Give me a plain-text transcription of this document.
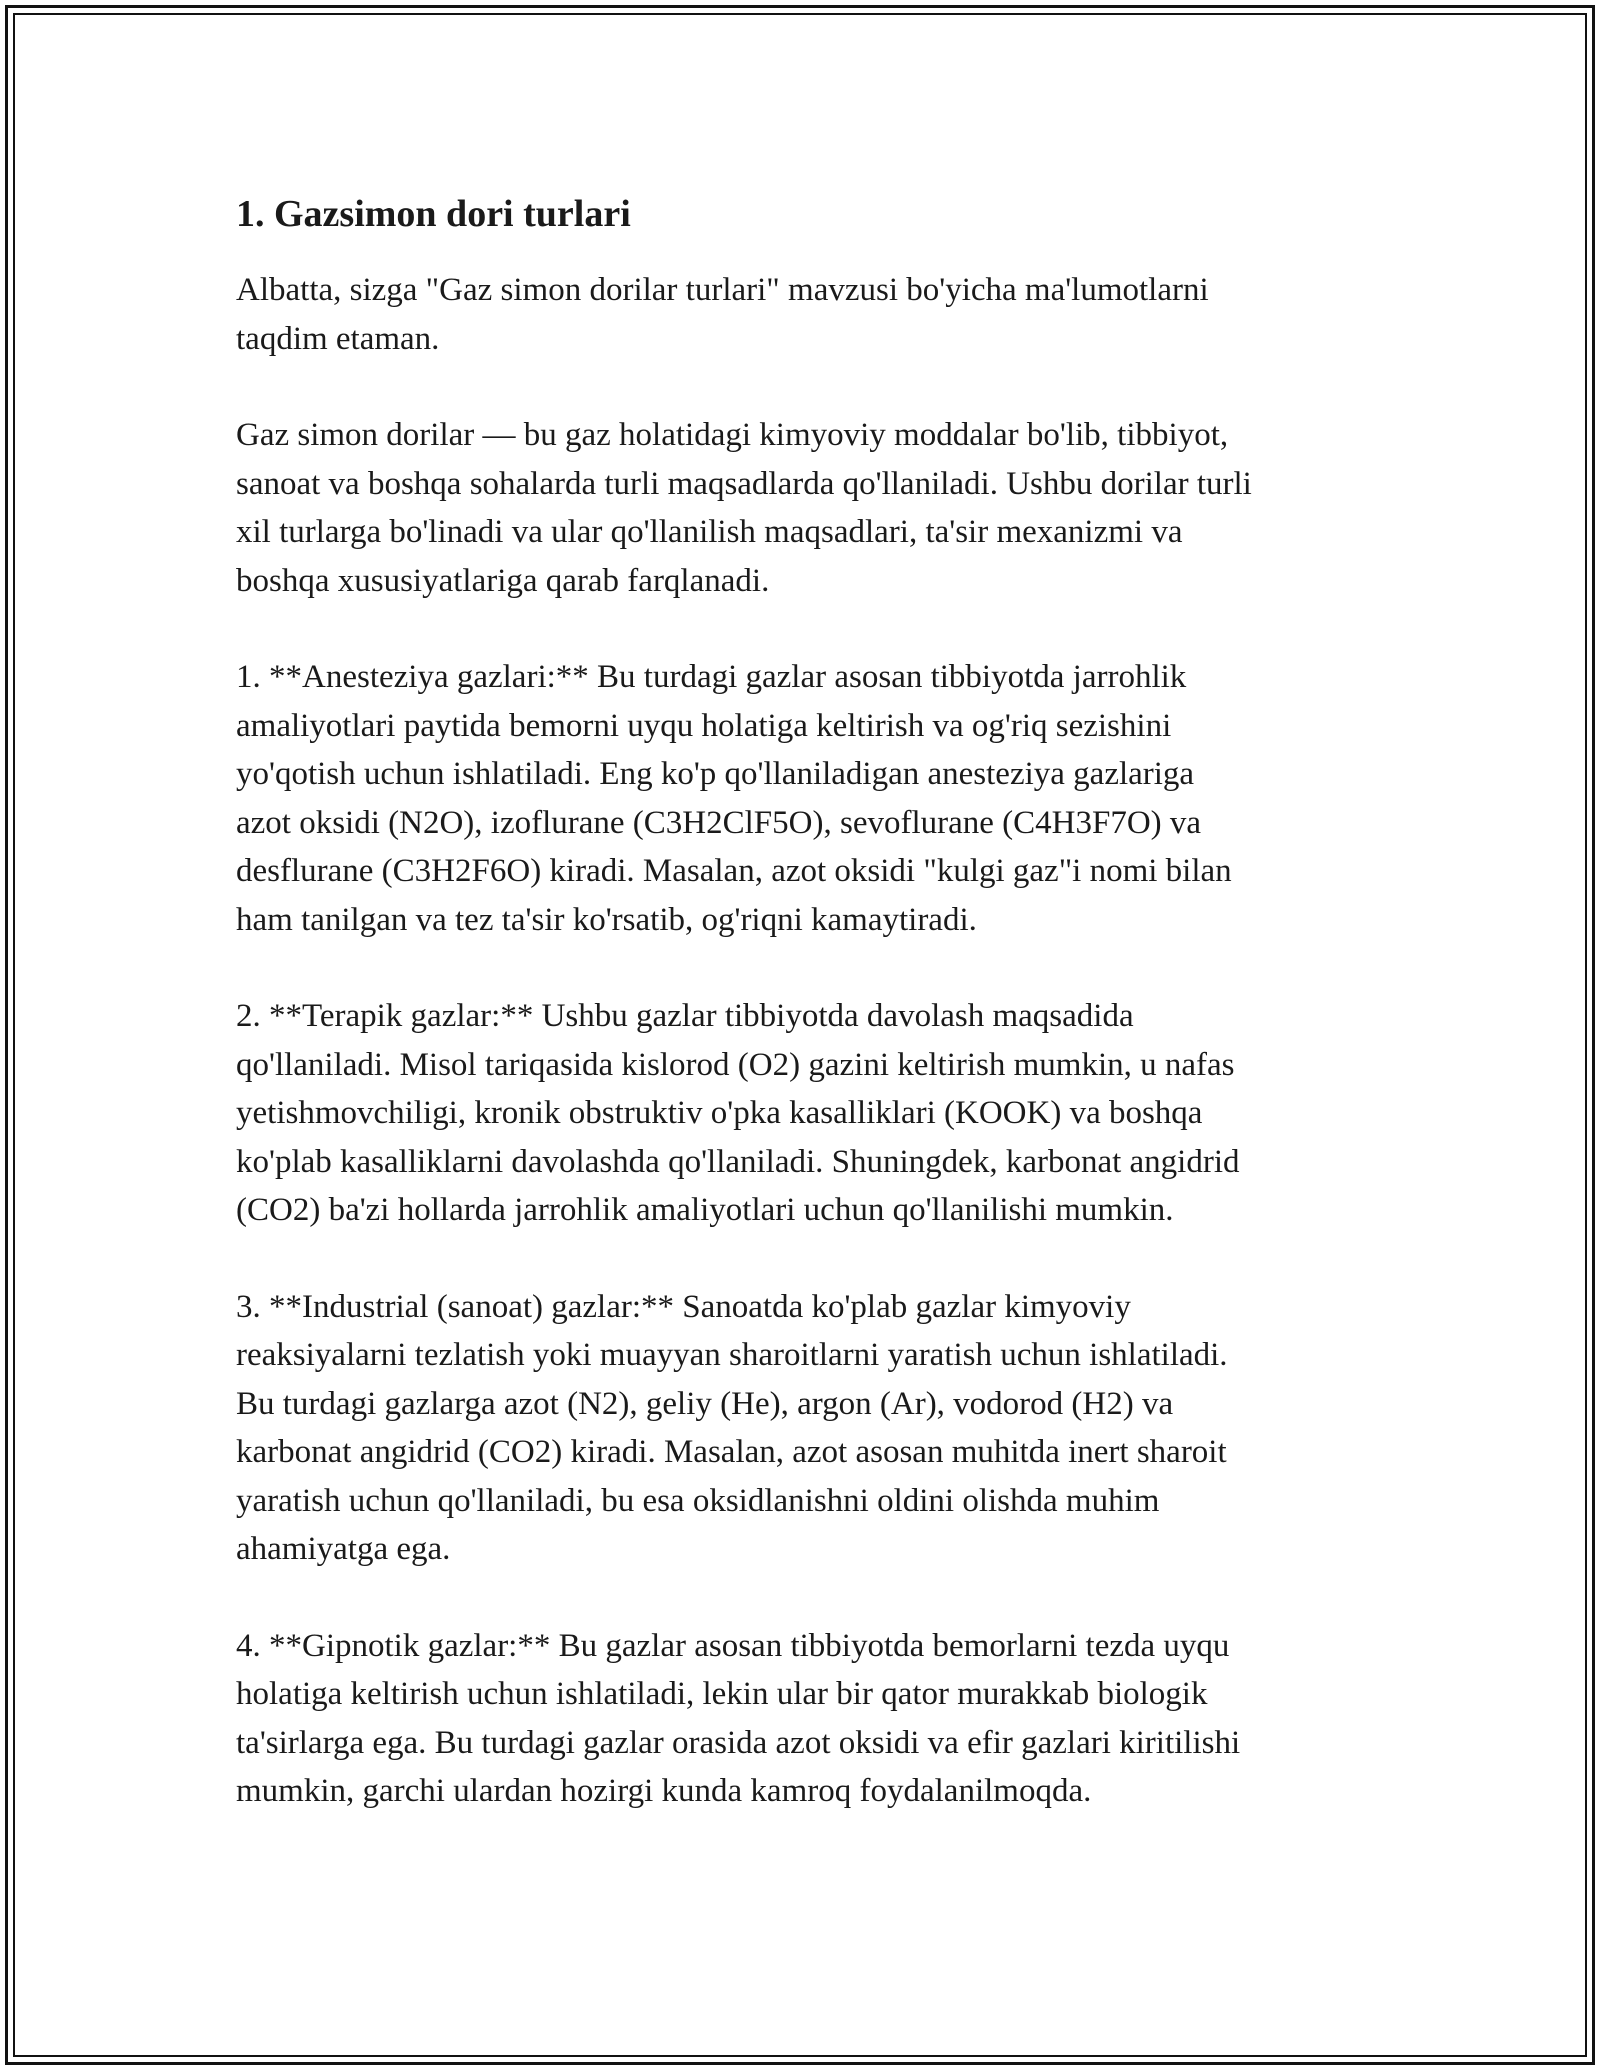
1. Gazsimon dori turlari

Albatta, sizga "Gaz simon dorilar turlari" mavzusi bo'yicha ma'lumotlarni
taqdim etaman.

Gaz simon dorilar — bu gaz holatidagi kimyoviy moddalar bo'lib, tibbiyot,
sanoat va boshqa sohalarda turli maqsadlarda qo'llaniladi. Ushbu dorilar turli
xil turlarga bo'linadi va ular qo'llanilish maqsadlari, ta'sir mexanizmi va
boshqa xususiyatlariga qarab farqlanadi.

1. **Anesteziya gazlari:** Bu turdagi gazlar asosan tibbiyotda jarrohlik
amaliyotlari paytida bemorni uyqu holatiga keltirish va og'riq sezishini
yo'qotish uchun ishlatiladi. Eng ko'p qo'llaniladigan anesteziya gazlariga
azot oksidi (N2O), izoflurane (C3H2ClF5O), sevoflurane (C4H3F7O) va
desflurane (C3H2F6O) kiradi. Masalan, azot oksidi "kulgi gaz"i nomi bilan
ham tanilgan va tez ta'sir ko'rsatib, og'riqni kamaytiradi.

2. **Terapik gazlar:** Ushbu gazlar tibbiyotda davolash maqsadida
qo'llaniladi. Misol tariqasida kislorod (O2) gazini keltirish mumkin, u nafas
yetishmovchiligi, kronik obstruktiv o'pka kasalliklari (KOOK) va boshqa
ko'plab kasalliklarni davolashda qo'llaniladi. Shuningdek, karbonat angidrid
(CO2) ba'zi hollarda jarrohlik amaliyotlari uchun qo'llanilishi mumkin.

3. **Industrial (sanoat) gazlar:** Sanoatda ko'plab gazlar kimyoviy
reaksiyalarni tezlatish yoki muayyan sharoitlarni yaratish uchun ishlatiladi.
Bu turdagi gazlarga azot (N2), geliy (He), argon (Ar), vodorod (H2) va
karbonat angidrid (CO2) kiradi. Masalan, azot asosan muhitda inert sharoit
yaratish uchun qo'llaniladi, bu esa oksidlanishni oldini olishda muhim
ahamiyatga ega.

4. **Gipnotik gazlar:** Bu gazlar asosan tibbiyotda bemorlarni tezda uyqu
holatiga keltirish uchun ishlatiladi, lekin ular bir qator murakkab biologik
ta'sirlarga ega. Bu turdagi gazlar orasida azot oksidi va efir gazlari kiritilishi
mumkin, garchi ulardan hozirgi kunda kamroq foydalanilmoqda.
